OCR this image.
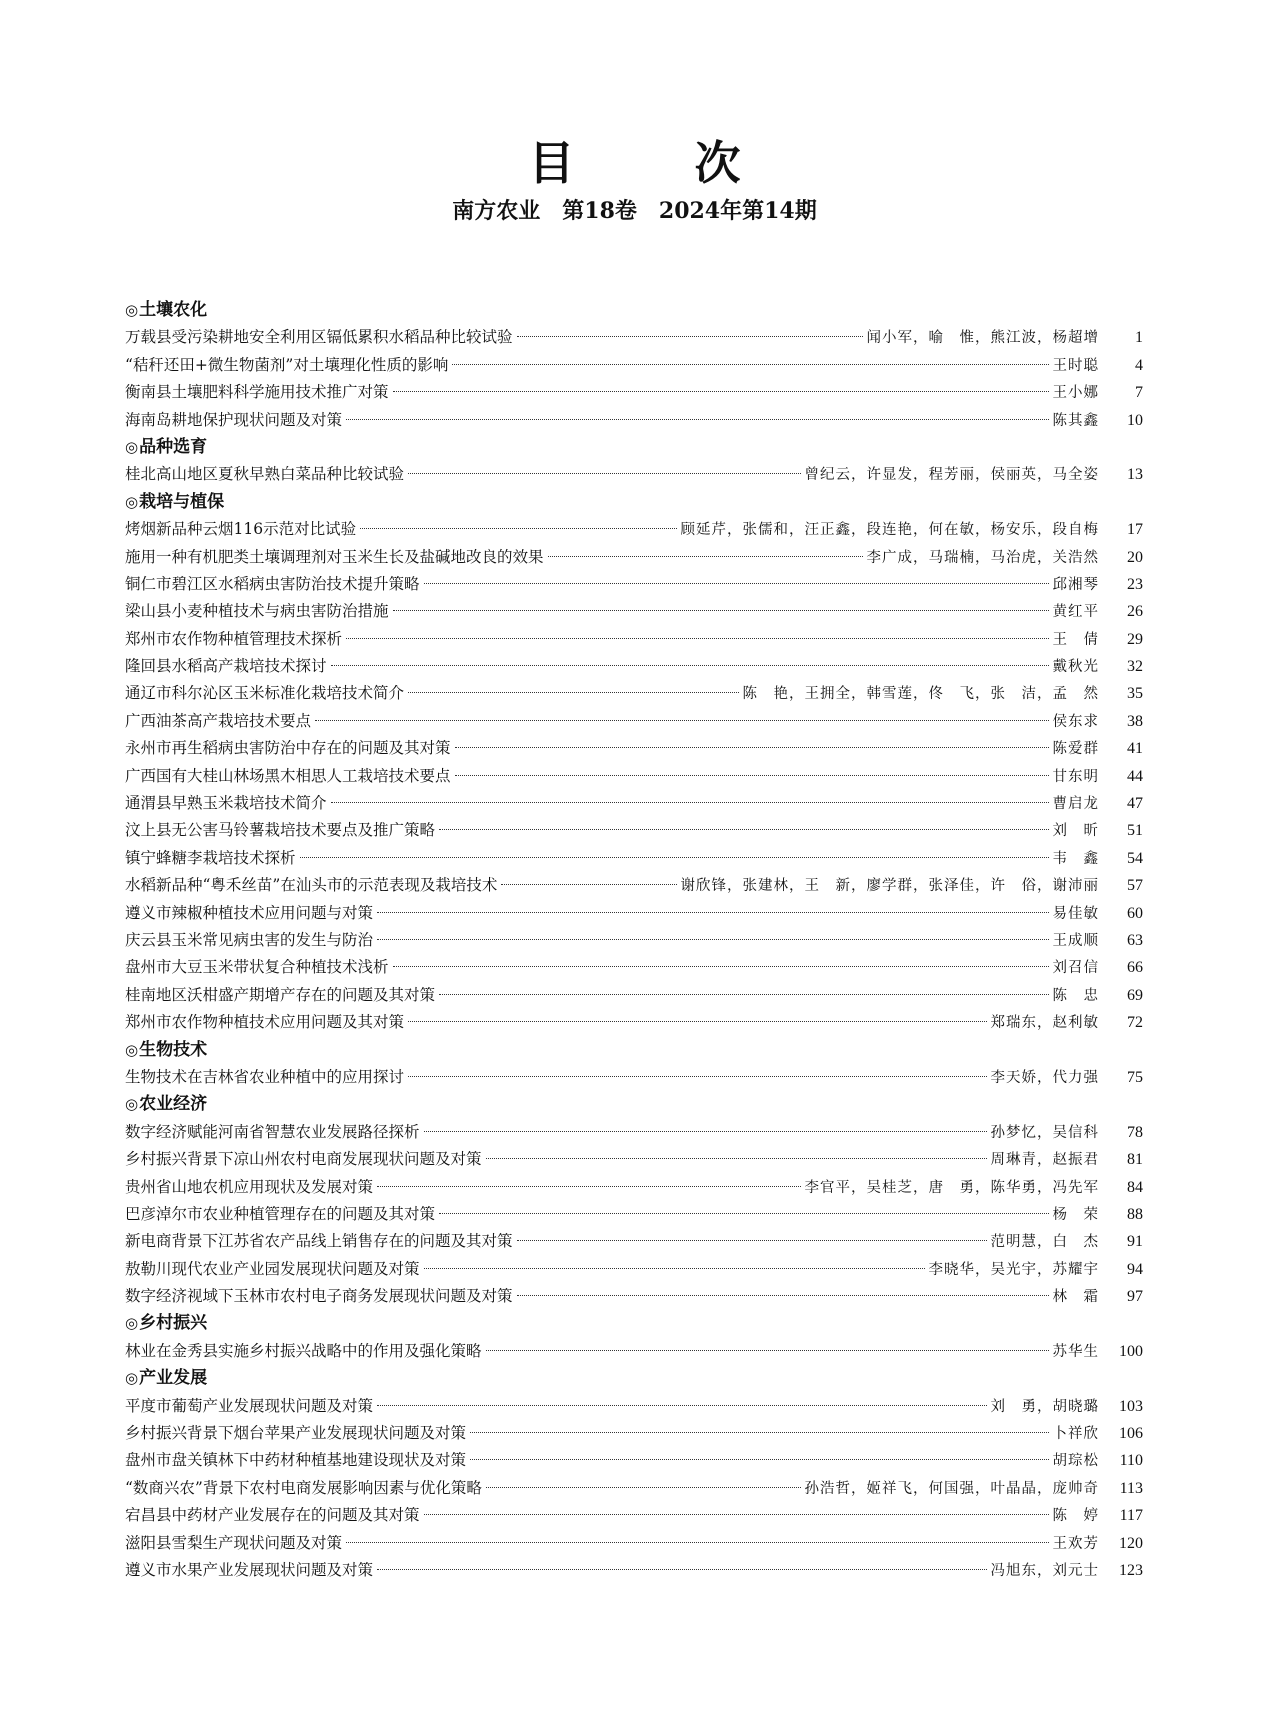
目 次
南方农业　第18卷　2024年第14期
◎ 土壤农化
万载县受污染耕地安全利用区镉低累积水稻品种比较试验	闻小军，喻　惟，熊江波，杨超增	1
“秸秆还田+微生物菌剂”对土壤理化性质的影响	王时聪	4
衡南县土壤肥料科学施用技术推广对策	王小娜	7
海南岛耕地保护现状问题及对策	陈其鑫	10
◎ 品种选育
桂北高山地区夏秋早熟白菜品种比较试验	曾纪云，许显发，程芳丽，侯丽英，马全姿	13
◎ 栽培与植保
烤烟新品种云烟116示范对比试验	顾延芹，张儒和，汪正鑫，段连艳，何在敏，杨安乐，段自梅	17
施用一种有机肥类土壤调理剂对玉米生长及盐碱地改良的效果	李广成，马瑞楠，马治虎，关浩然	20
铜仁市碧江区水稻病虫害防治技术提升策略	邱湘琴	23
梁山县小麦种植技术与病虫害防治措施	黄红平	26
郑州市农作物种植管理技术探析	王　倩	29
隆回县水稻高产栽培技术探讨	戴秋光	32
通辽市科尔沁区玉米标准化栽培技术简介	陈　艳，王拥全，韩雪莲，佟　飞，张　洁，孟　然	35
广西油茶高产栽培技术要点	侯东求	38
永州市再生稻病虫害防治中存在的问题及其对策	陈爱群	41
广西国有大桂山林场黑木相思人工栽培技术要点	甘东明	44
通渭县早熟玉米栽培技术简介	曹启龙	47
汶上县无公害马铃薯栽培技术要点及推广策略	刘　昕	51
镇宁蜂糖李栽培技术探析	韦　鑫	54
水稻新品种“粤禾丝苗”在汕头市的示范表现及栽培技术	谢欣锋，张建林，王　新，廖学群，张泽佳，许　俗，谢沛丽	57
遵义市辣椒种植技术应用问题与对策	易佳敏	60
庆云县玉米常见病虫害的发生与防治	王成顺	63
盘州市大豆玉米带状复合种植技术浅析	刘召信	66
桂南地区沃柑盛产期增产存在的问题及其对策	陈　忠	69
郑州市农作物种植技术应用问题及其对策	郑瑞东，赵利敏	72
◎ 生物技术
生物技术在吉林省农业种植中的应用探讨	李天娇，代力强	75
◎ 农业经济
数字经济赋能河南省智慧农业发展路径探析	孙梦忆，吴信科	78
乡村振兴背景下凉山州农村电商发展现状问题及对策	周琳青，赵振君	81
贵州省山地农机应用现状及发展对策	李官平，吴桂芝，唐　勇，陈华勇，冯先军	84
巴彦淖尔市农业种植管理存在的问题及其对策	杨　荣	88
新电商背景下江苏省农产品线上销售存在的问题及其对策	范明慧，白　杰	91
敖勒川现代农业产业园发展现状问题及对策	李晓华，吴光宇，苏耀宇	94
数字经济视域下玉林市农村电子商务发展现状问题及对策	林　霜	97
◎ 乡村振兴
林业在金秀县实施乡村振兴战略中的作用及强化策略	苏华生	100
◎ 产业发展
平度市葡萄产业发展现状问题及对策	刘　勇，胡晓璐	103
乡村振兴背景下烟台苹果产业发展现状问题及对策	卜祥欣	106
盘州市盘关镇林下中药材种植基地建设现状及对策	胡琮松	110
“数商兴农”背景下农村电商发展影响因素与优化策略	孙浩哲，姬祥飞，何国强，叶晶晶，庞帅奇	113
宕昌县中药材产业发展存在的问题及其对策	陈　婷	117
滋阳县雪梨生产现状问题及对策	王欢芳	120
遵义市水果产业发展现状问题及对策	冯旭东，刘元士	123
